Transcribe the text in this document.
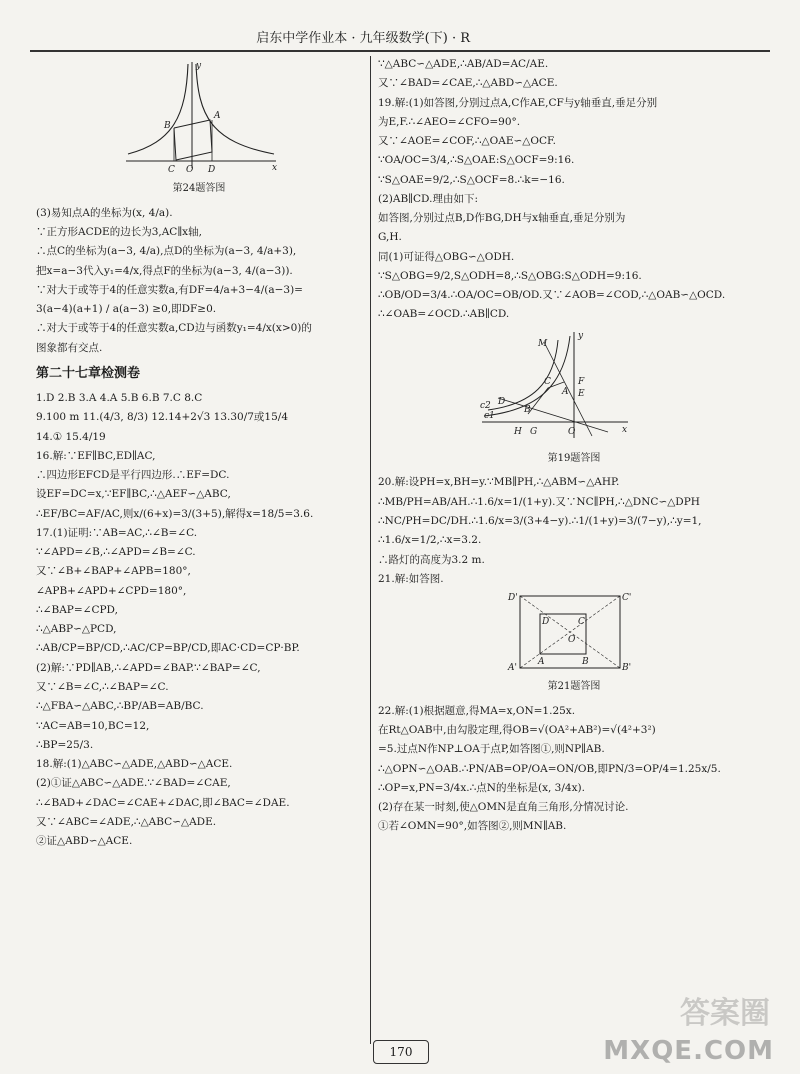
启东中学作业本 · 九年级数学(下) · R
y
B
A
C O D	x
第24题答图
(3)易知点A的坐标为(x, 4/a).
∵正方形ACDE的边长为3,AC∥x轴,
∴点C的坐标为(a−3, 4/a),点D的坐标为(a−3, 4/a+3),
把x=a−3代入y₁=4/x,得点F的坐标为(a−3, 4/(a−3)).
∵对大于或等于4的任意实数a,有DF=4/a+3−4/(a−3)=
3(a−4)(a+1) / a(a−3) ≥0,即DF≥0.
∴对大于或等于4的任意实数a,CD边与函数y₁=4/x(x>0)的
图象都有交点.
第二十七章检测卷
1.D 2.B 3.A 4.A 5.B 6.B 7.C 8.C
9.100 m 11.(4/3, 8/3) 12.14+2√3 13.30/7或15/4
14.① 15.4/19
16.解:∵EF∥BC,ED∥AC,
∴四边形EFCD是平行四边形.∴EF=DC.
设EF=DC=x,∵EF∥BC,∴△AEF∽△ABC,
∴EF/BC=AF/AC,则x/(6+x)=3/(3+5),解得x=18/5=3.6.
17.(1)证明:∵AB=AC,∴∠B=∠C.
∵∠APD=∠B,∴∠APD=∠B=∠C.
又∵∠B+∠BAP+∠APB=180°,
∠APB+∠APD+∠CPD=180°,
∴∠BAP=∠CPD,
∴△ABP∽△PCD,
∴AB/CP=BP/CD,∴AC/CP=BP/CD,即AC·CD=CP·BP.
(2)解:∵PD∥AB,∴∠APD=∠BAP.∵∠BAP=∠C,
又∵∠B=∠C,∴∠BAP=∠C.
∴△FBA∽△ABC,∴BP/AB=AB/BC.
∵AC=AB=10,BC=12,
∴BP=25/3.
18.解:(1)△ABC∽△ADE,△ABD∽△ACE.
(2)①证△ABC∽△ADE.∵∠BAD=∠CAE,
∴∠BAD+∠DAC=∠CAE+∠DAC,即∠BAC=∠DAE.
又∵∠ABC=∠ADE,∴△ABC∽△ADE.
②证△ABD∽△ACE.
∵△ABC∽△ADE,∴AB/AD=AC/AE.
又∵∠BAD=∠CAE,∴△ABD∽△ACE.
19.解:(1)如答图,分别过点A,C作AE,CF与y轴垂直,垂足分别
为E,F.∴∠AEO=∠CFO=90°.
又∵∠AOE=∠COF,∴△OAE∽△OCF.
∵OA/OC=3/4,∴S△OAE:S△OCF=9:16.
∵S△OAE=9/2,∴S△OCF=8.∴k=−16.
(2)AB∥CD.理由如下:
如答图,分别过点B,D作BG,DH与x轴垂直,垂足分别为
G,H.
同(1)可证得△OBG∽△ODH.
∵S△OBG=9/2,S△ODH=8,∴S△OBG:S△ODH=9:16.
∴OB/OD=3/4.∴OA/OC=OB/OD.又∵∠AOB=∠COD,∴△OAB∽△OCD.
∴∠OAB=∠OCD.∴AB∥CD.
y
M
C	F
A E
c2
c1
D
B
H G	O	x
第19题答图
20.解:设PH=x,BH=y.∵MB∥PH,∴△ABM∽△AHP.
∴MB/PH=AB/AH.∴1.6/x=1/(1+y).又∵NC∥PH,∴△DNC∽△DPH
∴NC/PH=DC/DH.∴1.6/x=3/(3+4−y).∴1/(1+y)=3/(7−y),∴y=1,
∴1.6/x=1/2,∴x=3.2.
∴路灯的高度为3.2 m.
21.解:如答图.
D'	C'
D	C
O
A'
A	B
B'
第21题答图
22.解:(1)根据题意,得MA=x,ON=1.25x.
在Rt△OAB中,由勾股定理,得OB=√(OA²+AB²)=√(4²+3²)
=5.过点N作NP⊥OA于点P,如答图①,则NP∥AB.
∴△OPN∽△OAB.∴PN/AB=OP/OA=ON/OB,即PN/3=OP/4=1.25x/5.
∴OP=x,PN=3/4x.∴点N的坐标是(x, 3/4x).
(2)存在某一时刻,使△OMN是直角三角形,分情况讨论.
①若∠OMN=90°,如答图②,则MN∥AB.
170
答案圈
MXQE.COM
